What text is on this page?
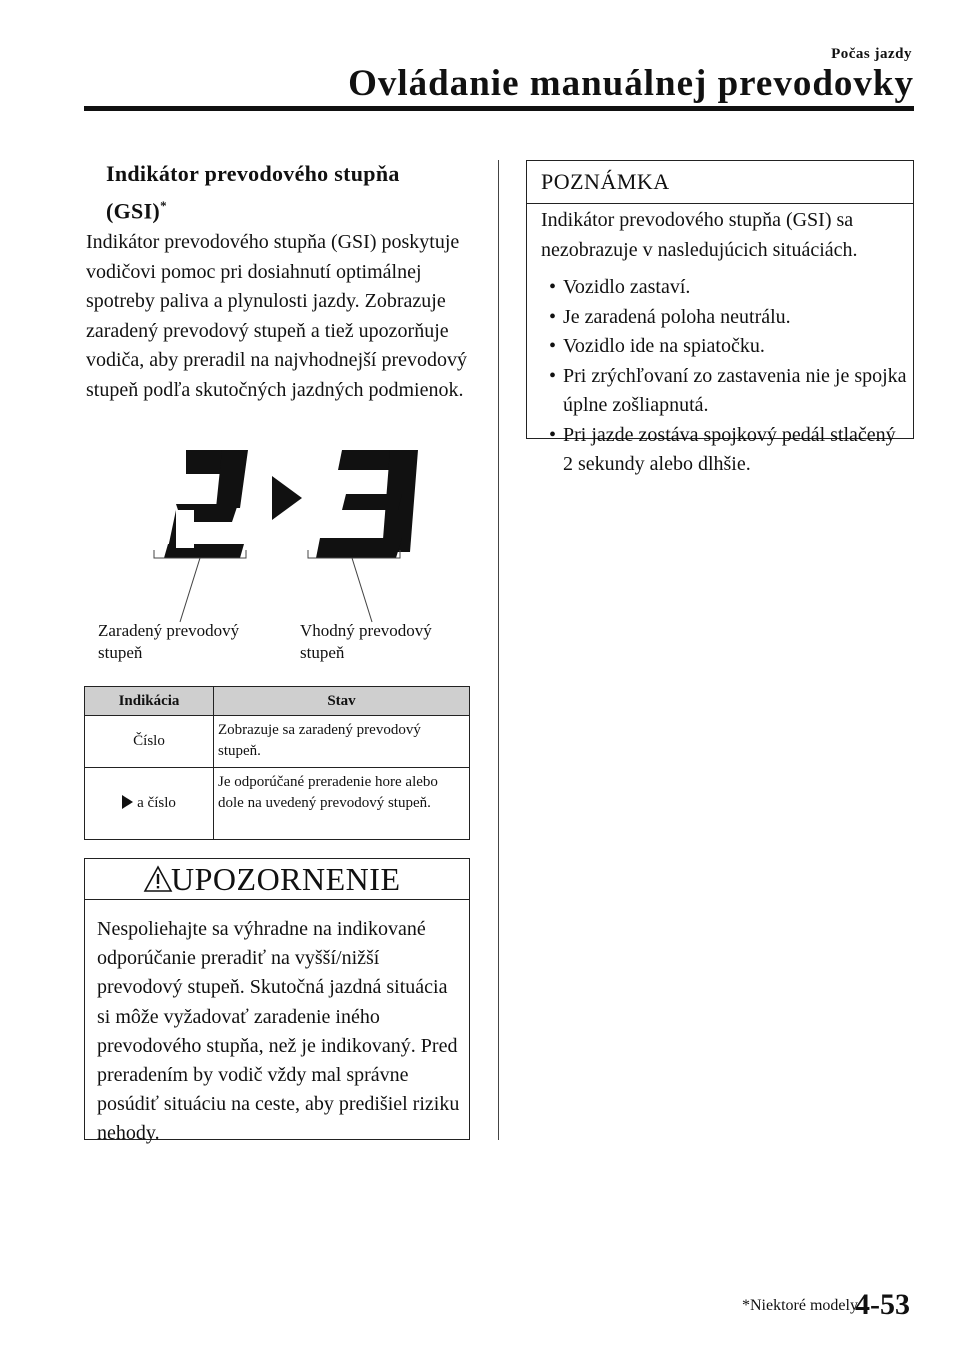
Počas jazdy
Ovládanie manuálnej prevodovky
Indikátor prevodového stupňa
(GSI)*
Indikátor prevodového stupňa (GSI) poskytuje vodičovi pomoc pri dosiahnutí optimálnej spotreby paliva a plynulosti jazdy. Zobrazuje zaradený prevodový stupeň a tiež upozorňuje vodiča, aby preradil na najvhodnejší prevodový stupeň podľa skutočných jazdných podmienok.
Zaradený prevodový
stupeň
Vhodný prevodový
stupeň
Indikácia	Stav
Číslo	Zobrazuje sa zaradený prevodový stupeň.
a číslo	Je odporúčané preradenie hore alebo dole na uvedený prevodový stupeň.
UPOZORNENIE
Nespoliehajte sa výhradne na indikované odporúčanie preradiť na vyšší/nižší prevodový stupeň. Skutočná jazdná situácia si môže vyžadovať zaradenie iného prevodového stupňa, než je indikovaný. Pred preradením by vodič vždy mal správne posúdiť situáciu na ceste, aby predišiel riziku nehody.
POZNÁMKA
Indikátor prevodového stupňa (GSI) sa nezobrazuje v nasledujúcich situáciách.
• Vozidlo zastaví.
• Je zaradená poloha neutrálu.
• Vozidlo ide na spiatočku.
• Pri zrýchľovaní zo zastavenia nie je spojka úplne zošliapnutá.
• Pri jazde zostáva spojkový pedál stlačený 2 sekundy alebo dlhšie.
*Niektoré modely.
4-53
